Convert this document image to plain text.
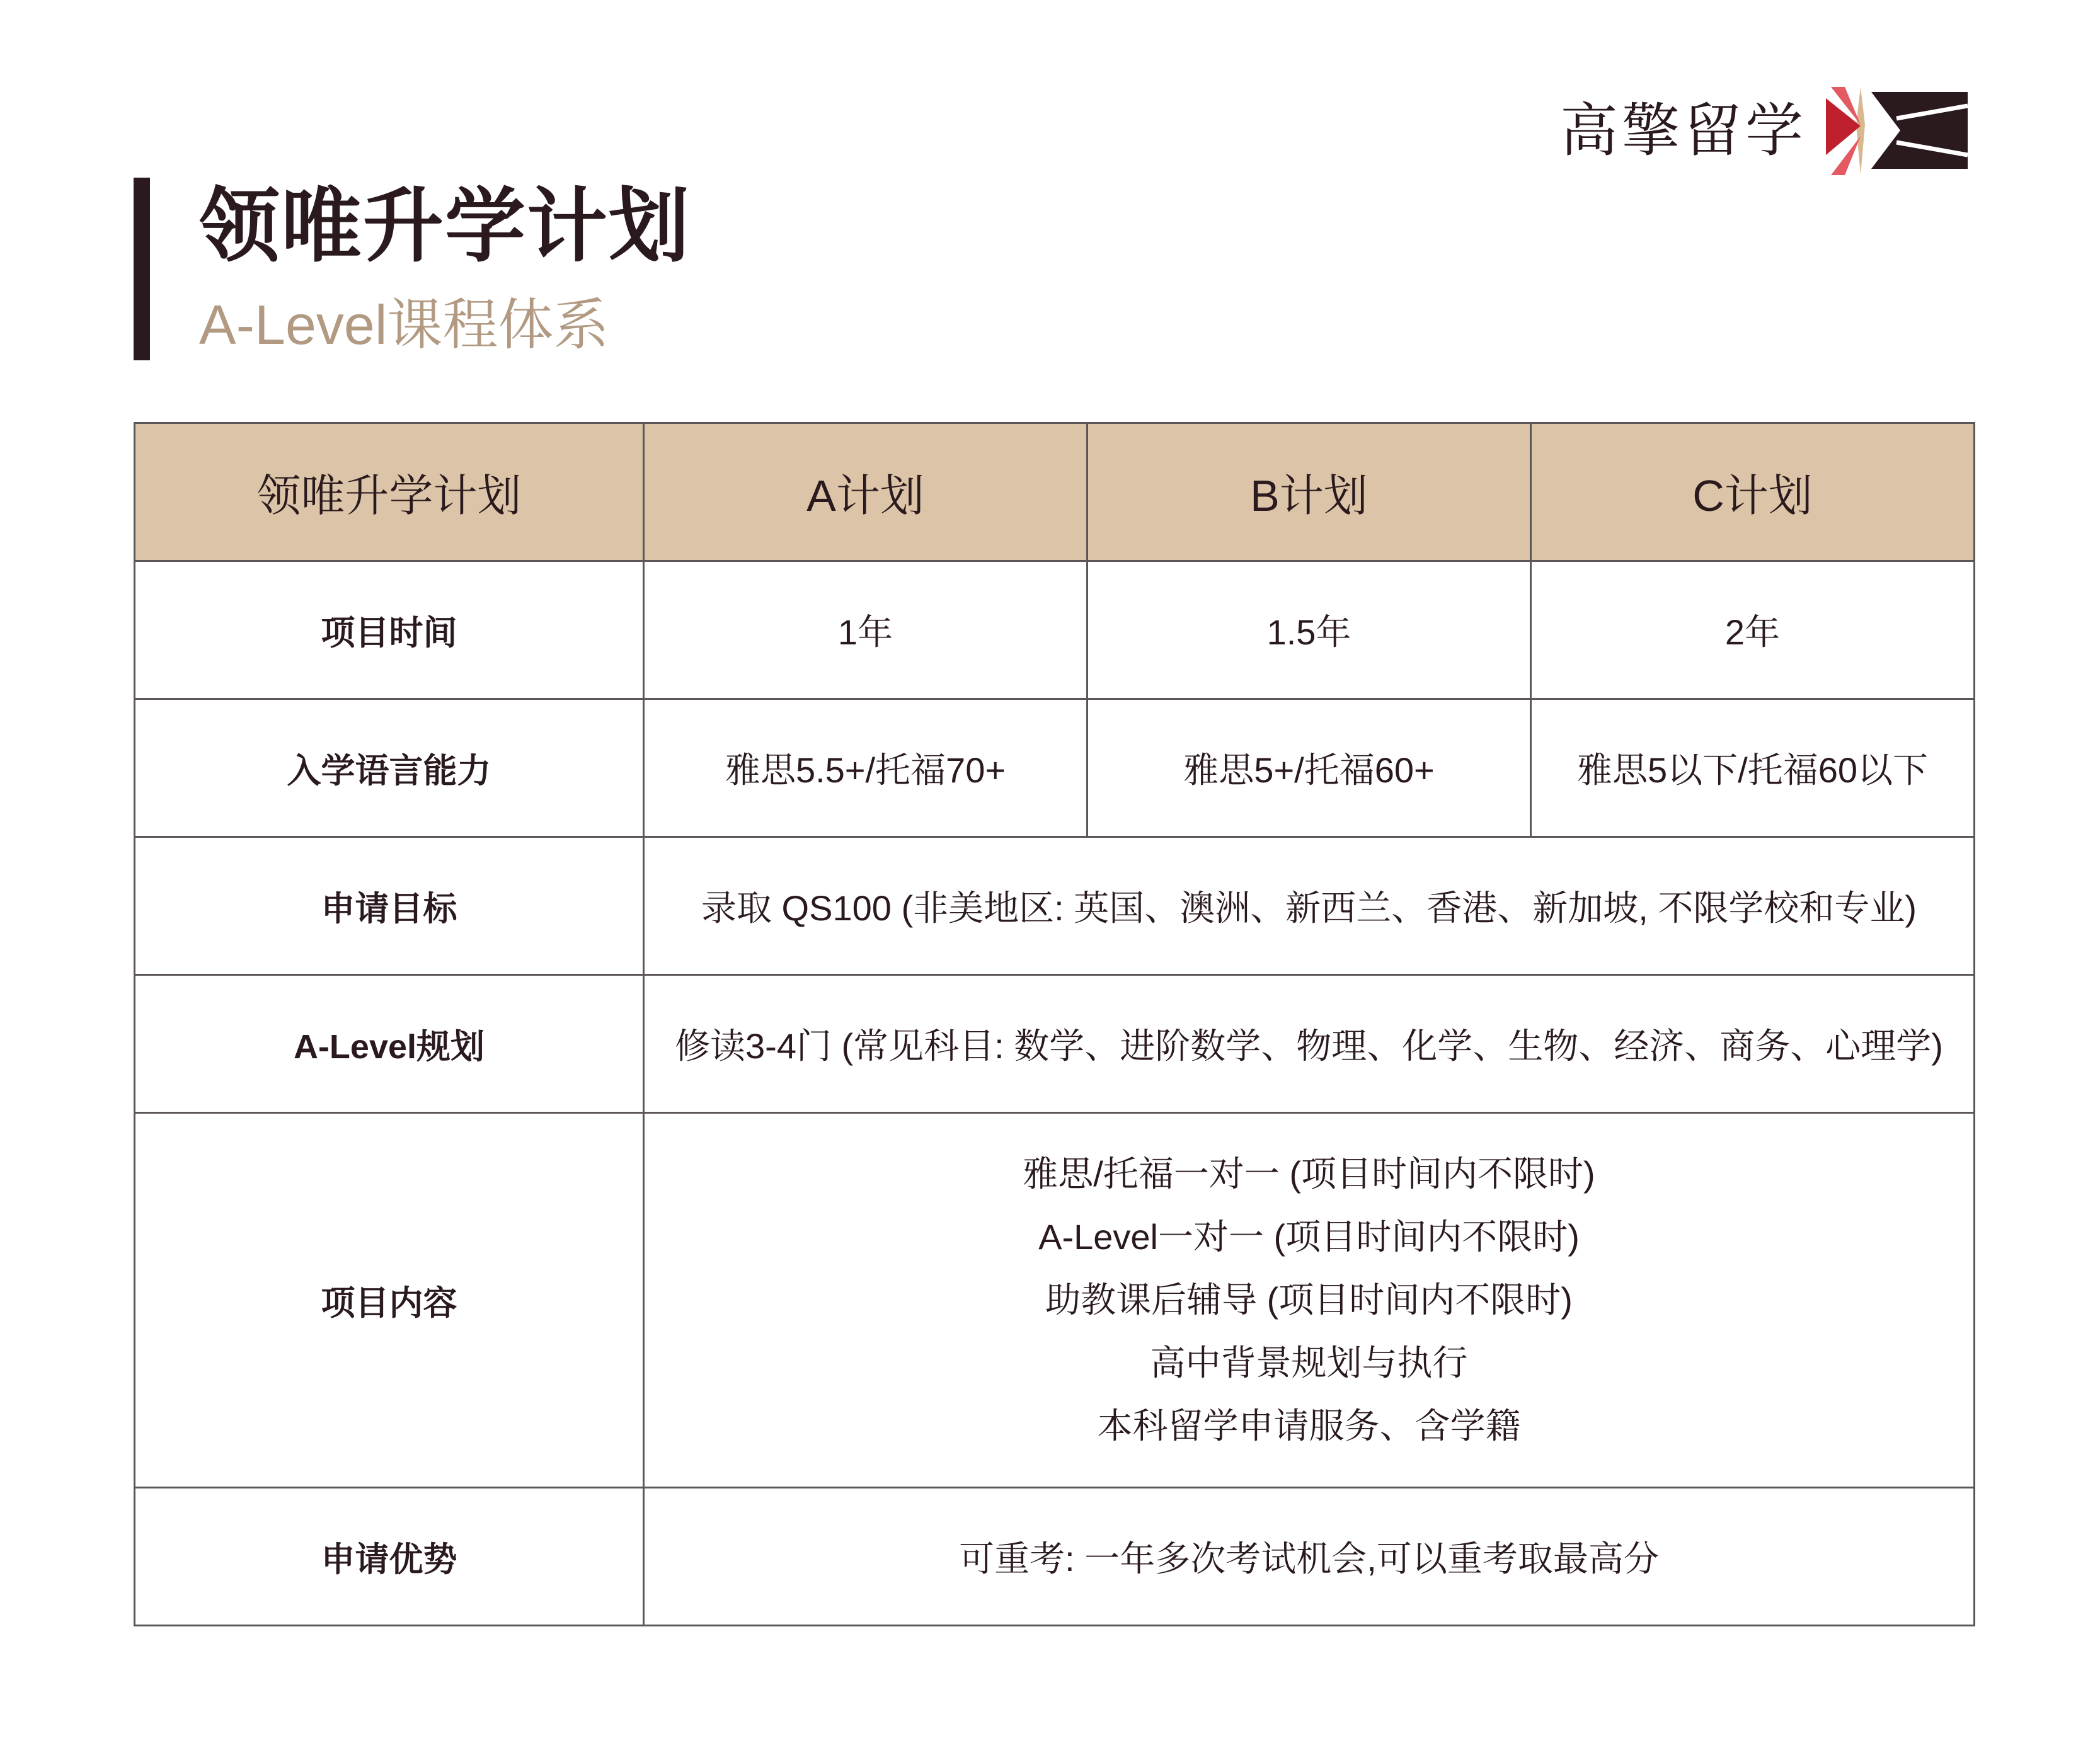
高擎留学
领唯升学计划
A-Level课程体系
领唯升学计划	A计划	B计划	C计划
项目时间	1年	1.5年	2年
入学语言能力	雅思5.5+/托福70+	雅思5+/托福60+	雅思5以下/托福60以下
申请目标	录取 QS100 (非美地区: 英国、澳洲、新西兰、香港、新加坡, 不限学校和专业)		
A-Level规划	修读3-4门 (常见科目: 数学、进阶数学、物理、化学、生物、经济、商务、心理学)		
项目内容	雅思/托福一对一 (项目时间内不限时)
A-Level一对一 (项目时间内不限时)
助教课后辅导 (项目时间内不限时)
高中背景规划与执行
本科留学申请服务、含学籍		

申请优势	可重考: 一年多次考试机会,可以重考取最高分		
